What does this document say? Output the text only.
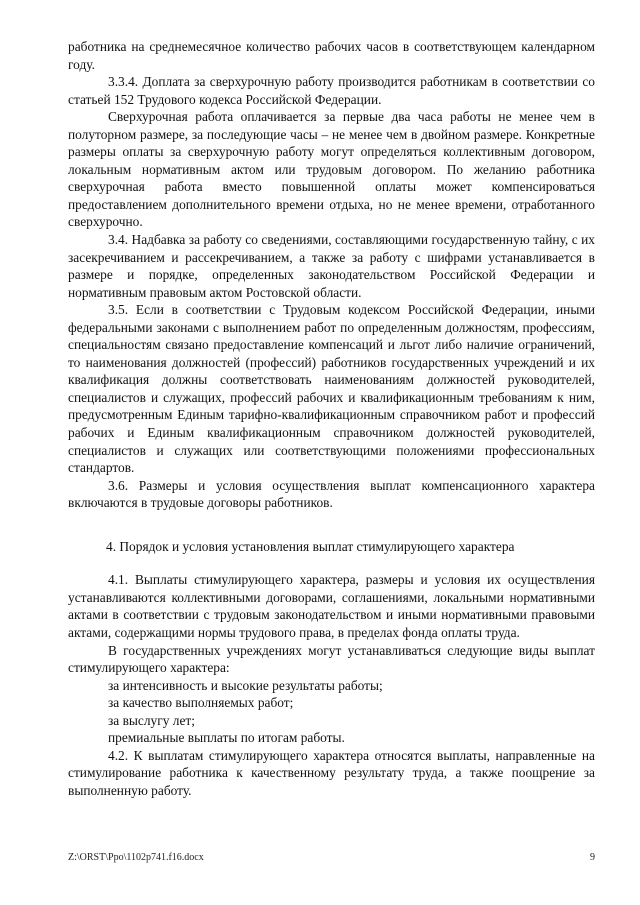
работника на среднемесячное количество рабочих часов в соответствующем календарном году.

3.3.4. Доплата за сверхурочную работу производится работникам в соответствии со статьей 152 Трудового кодекса Российской Федерации.

Сверхурочная работа оплачивается за первые два часа работы не менее чем в полуторном размере, за последующие часы – не менее чем в двойном размере. Конкретные размеры оплаты за сверхурочную работу могут определяться коллективным договором, локальным нормативным актом или трудовым договором. По желанию работника сверхурочная работа вместо повышенной оплаты может компенсироваться предоставлением дополнительного времени отдыха, но не менее времени, отработанного сверхурочно.

3.4. Надбавка за работу со сведениями, составляющими государственную тайну, с их засекречиванием и рассекречиванием, а также за работу с шифрами устанавливается в размере и порядке, определенных законодательством Российской Федерации и нормативным правовым актом Ростовской области.

3.5. Если в соответствии с Трудовым кодексом Российской Федерации, иными федеральными законами с выполнением работ по определенным должностям, профессиям, специальностям связано предоставление компенсаций и льгот либо наличие ограничений, то наименования должностей (профессий) работников государственных учреждений и их квалификация должны соответствовать наименованиям должностей руководителей, специалистов и служащих, профессий рабочих и квалификационным требованиям к ним, предусмотренным Единым тарифно-квалификационным справочником работ и профессий рабочих и Единым квалификационным справочником должностей руководителей, специалистов и служащих или соответствующими положениями профессиональных стандартов.

3.6. Размеры и условия осуществления выплат компенсационного характера включаются в трудовые договоры работников.

4. Порядок и условия установления выплат стимулирующего характера

4.1. Выплаты стимулирующего характера, размеры и условия их осуществления устанавливаются коллективными договорами, соглашениями, локальными нормативными актами в соответствии с трудовым законодательством и иными нормативными правовыми актами, содержащими нормы трудового права, в пределах фонда оплаты труда.

В государственных учреждениях могут устанавливаться следующие виды выплат стимулирующего характера:

за интенсивность и высокие результаты работы;

за качество выполняемых работ;

за выслугу лет;

премиальные выплаты по итогам работы.

4.2. К выплатам стимулирующего характера относятся выплаты, направленные на стимулирование работника к качественному результату труда, а также поощрение за выполненную работу.

Z:\ORST\Ppo\1102p741.f16.docx	9
